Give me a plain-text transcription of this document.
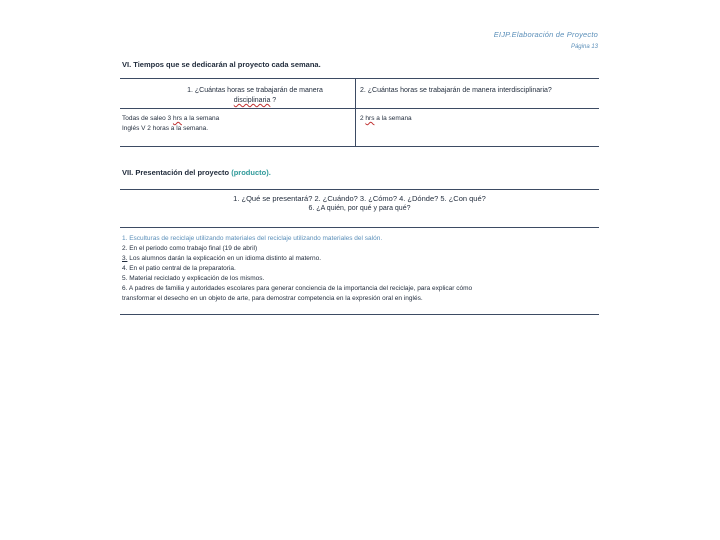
EIJP.Elaboración de Proyecto
Página 13
VI. Tiempos que se dedicarán al proyecto cada semana.
1. ¿Cuántas horas se trabajarán de manera
disciplinaria ?
2. ¿Cuántas horas se trabajarán de manera interdisciplinaria?
Todas de saleo 3 hrs a la semana
Inglés V 2 horas a la semana.
2 hrs a la semana
VII. Presentación del proyecto (producto).
1. ¿Qué se presentará? 2. ¿Cuándo? 3. ¿Cómo? 4. ¿Dónde? 5. ¿Con qué?
6. ¿A quién, por qué y para qué?
1. Esculturas de reciclaje utilizando materiales del reciclaje utilizando materiales del salón.
2. En el periodo como trabajo final (19 de abril)
3. Los alumnos darán la explicación en un idioma distinto al materno.
4. En el patio central de la preparatoria.
5. Material reciclado y explicación de los mismos.
6. A padres de familia y autoridades escolares para generar conciencia de la importancia del reciclaje, para explicar cómo
transformar el desecho en un objeto de arte, para demostrar competencia en la expresión oral en inglés.
